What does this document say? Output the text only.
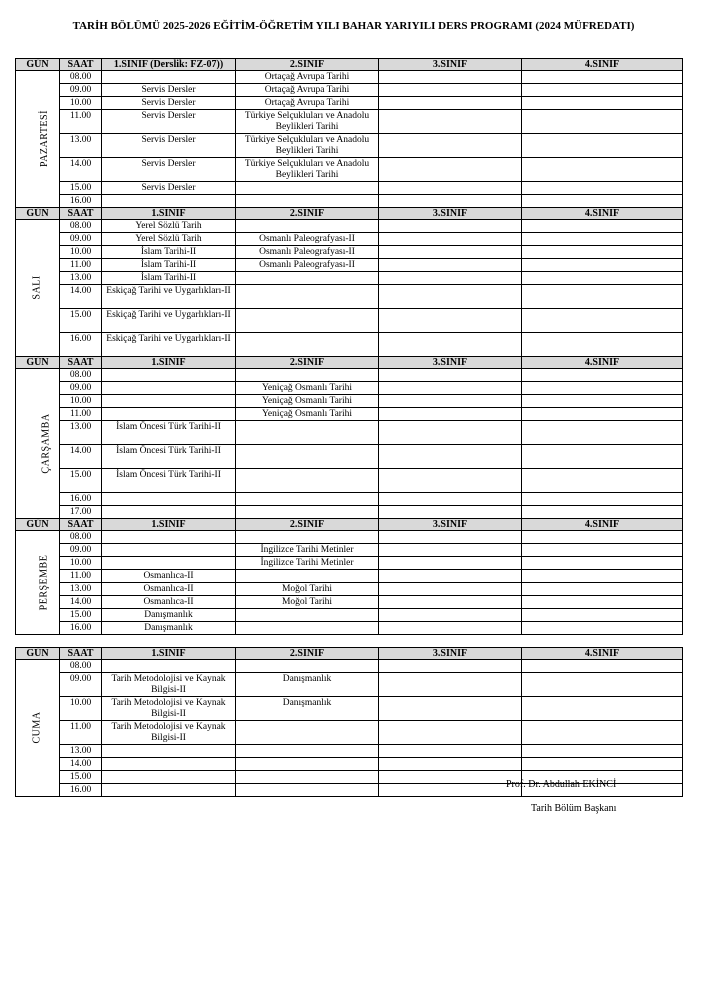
TARİH BÖLÜMÜ 2025-2026 EĞİTİM-ÖĞRETİM YILI BAHAR YARIYILI DERS PROGRAMI (2024 MÜFREDATI)
GÜN	SAAT	1.SINIF (Derslik: FZ-07))	2.SINIF	3.SINIF	4.SINIF
PAZARTESİ	08.00		Ortaçağ Avrupa Tarihi		
	09.00	Servis Dersler	Ortaçağ Avrupa Tarihi		
	10.00	Servis Dersler	Ortaçağ Avrupa Tarihi		
	11.00	Servis Dersler	Türkiye Selçukluları ve Anadolu Beylikleri Tarihi		
	13.00	Servis Dersler	Türkiye Selçukluları ve Anadolu Beylikleri Tarihi		
	14.00	Servis Dersler	Türkiye Selçukluları ve Anadolu Beylikleri Tarihi		
	15.00	Servis Dersler			
	16.00				
GÜN	SAAT	1.SINIF	2.SINIF	3.SINIF	4.SINIF
SALI	08.00	Yerel Sözlü Tarih			
	09.00	Yerel Sözlü Tarih	Osmanlı Paleografyası-II		
	10.00	İslam Tarihi-II	Osmanlı Paleografyası-II		
	11.00	İslam Tarihi-II	Osmanlı Paleografyası-II		
	13.00	İslam Tarihi-II			
	14.00	Eskiçağ Tarihi ve Uygarlıkları-II			
	15.00	Eskiçağ Tarihi ve Uygarlıkları-II			
	16.00	Eskiçağ Tarihi ve Uygarlıkları-II			
GÜN	SAAT	1.SINIF	2.SINIF	3.SINIF	4.SINIF
ÇARŞAMBA	08.00				
	09.00		Yeniçağ Osmanlı Tarihi		
	10.00		Yeniçağ Osmanlı Tarihi		
	11.00		Yeniçağ Osmanlı Tarihi		
	13.00	İslam Öncesi Türk Tarihi-II			
	14.00	İslam Öncesi Türk Tarihi-II			
	15.00	İslam Öncesi Türk Tarihi-II			
	16.00				
	17.00				
GÜN	SAAT	1.SINIF	2.SINIF	3.SINIF	4.SINIF
PERŞEMBE	08.00				
	09.00		İngilizce Tarihi Metinler		
	10.00		İngilizce Tarihi Metinler		
	11.00	Osmanlıca-II			
	13.00	Osmanlıca-II	Moğol Tarihi		
	14.00	Osmanlıca-II	Moğol Tarihi		
	15.00	Danışmanlık			
	16.00	Danışmanlık			

GÜN	SAAT	1.SINIF	2.SINIF	3.SINIF	4.SINIF
CUMA	08.00				
	09.00	Tarih Metodolojisi ve Kaynak Bilgisi-II	Danışmanlık		
	10.00	Tarih Metodolojisi ve Kaynak Bilgisi-II	Danışmanlık		
	11.00	Tarih Metodolojisi ve Kaynak Bilgisi-II			
	13.00				
	14.00				
	15.00				
	16.00					Prof. Dr. Abdullah EKİNCİ
Tarih Bölüm Başkanı
